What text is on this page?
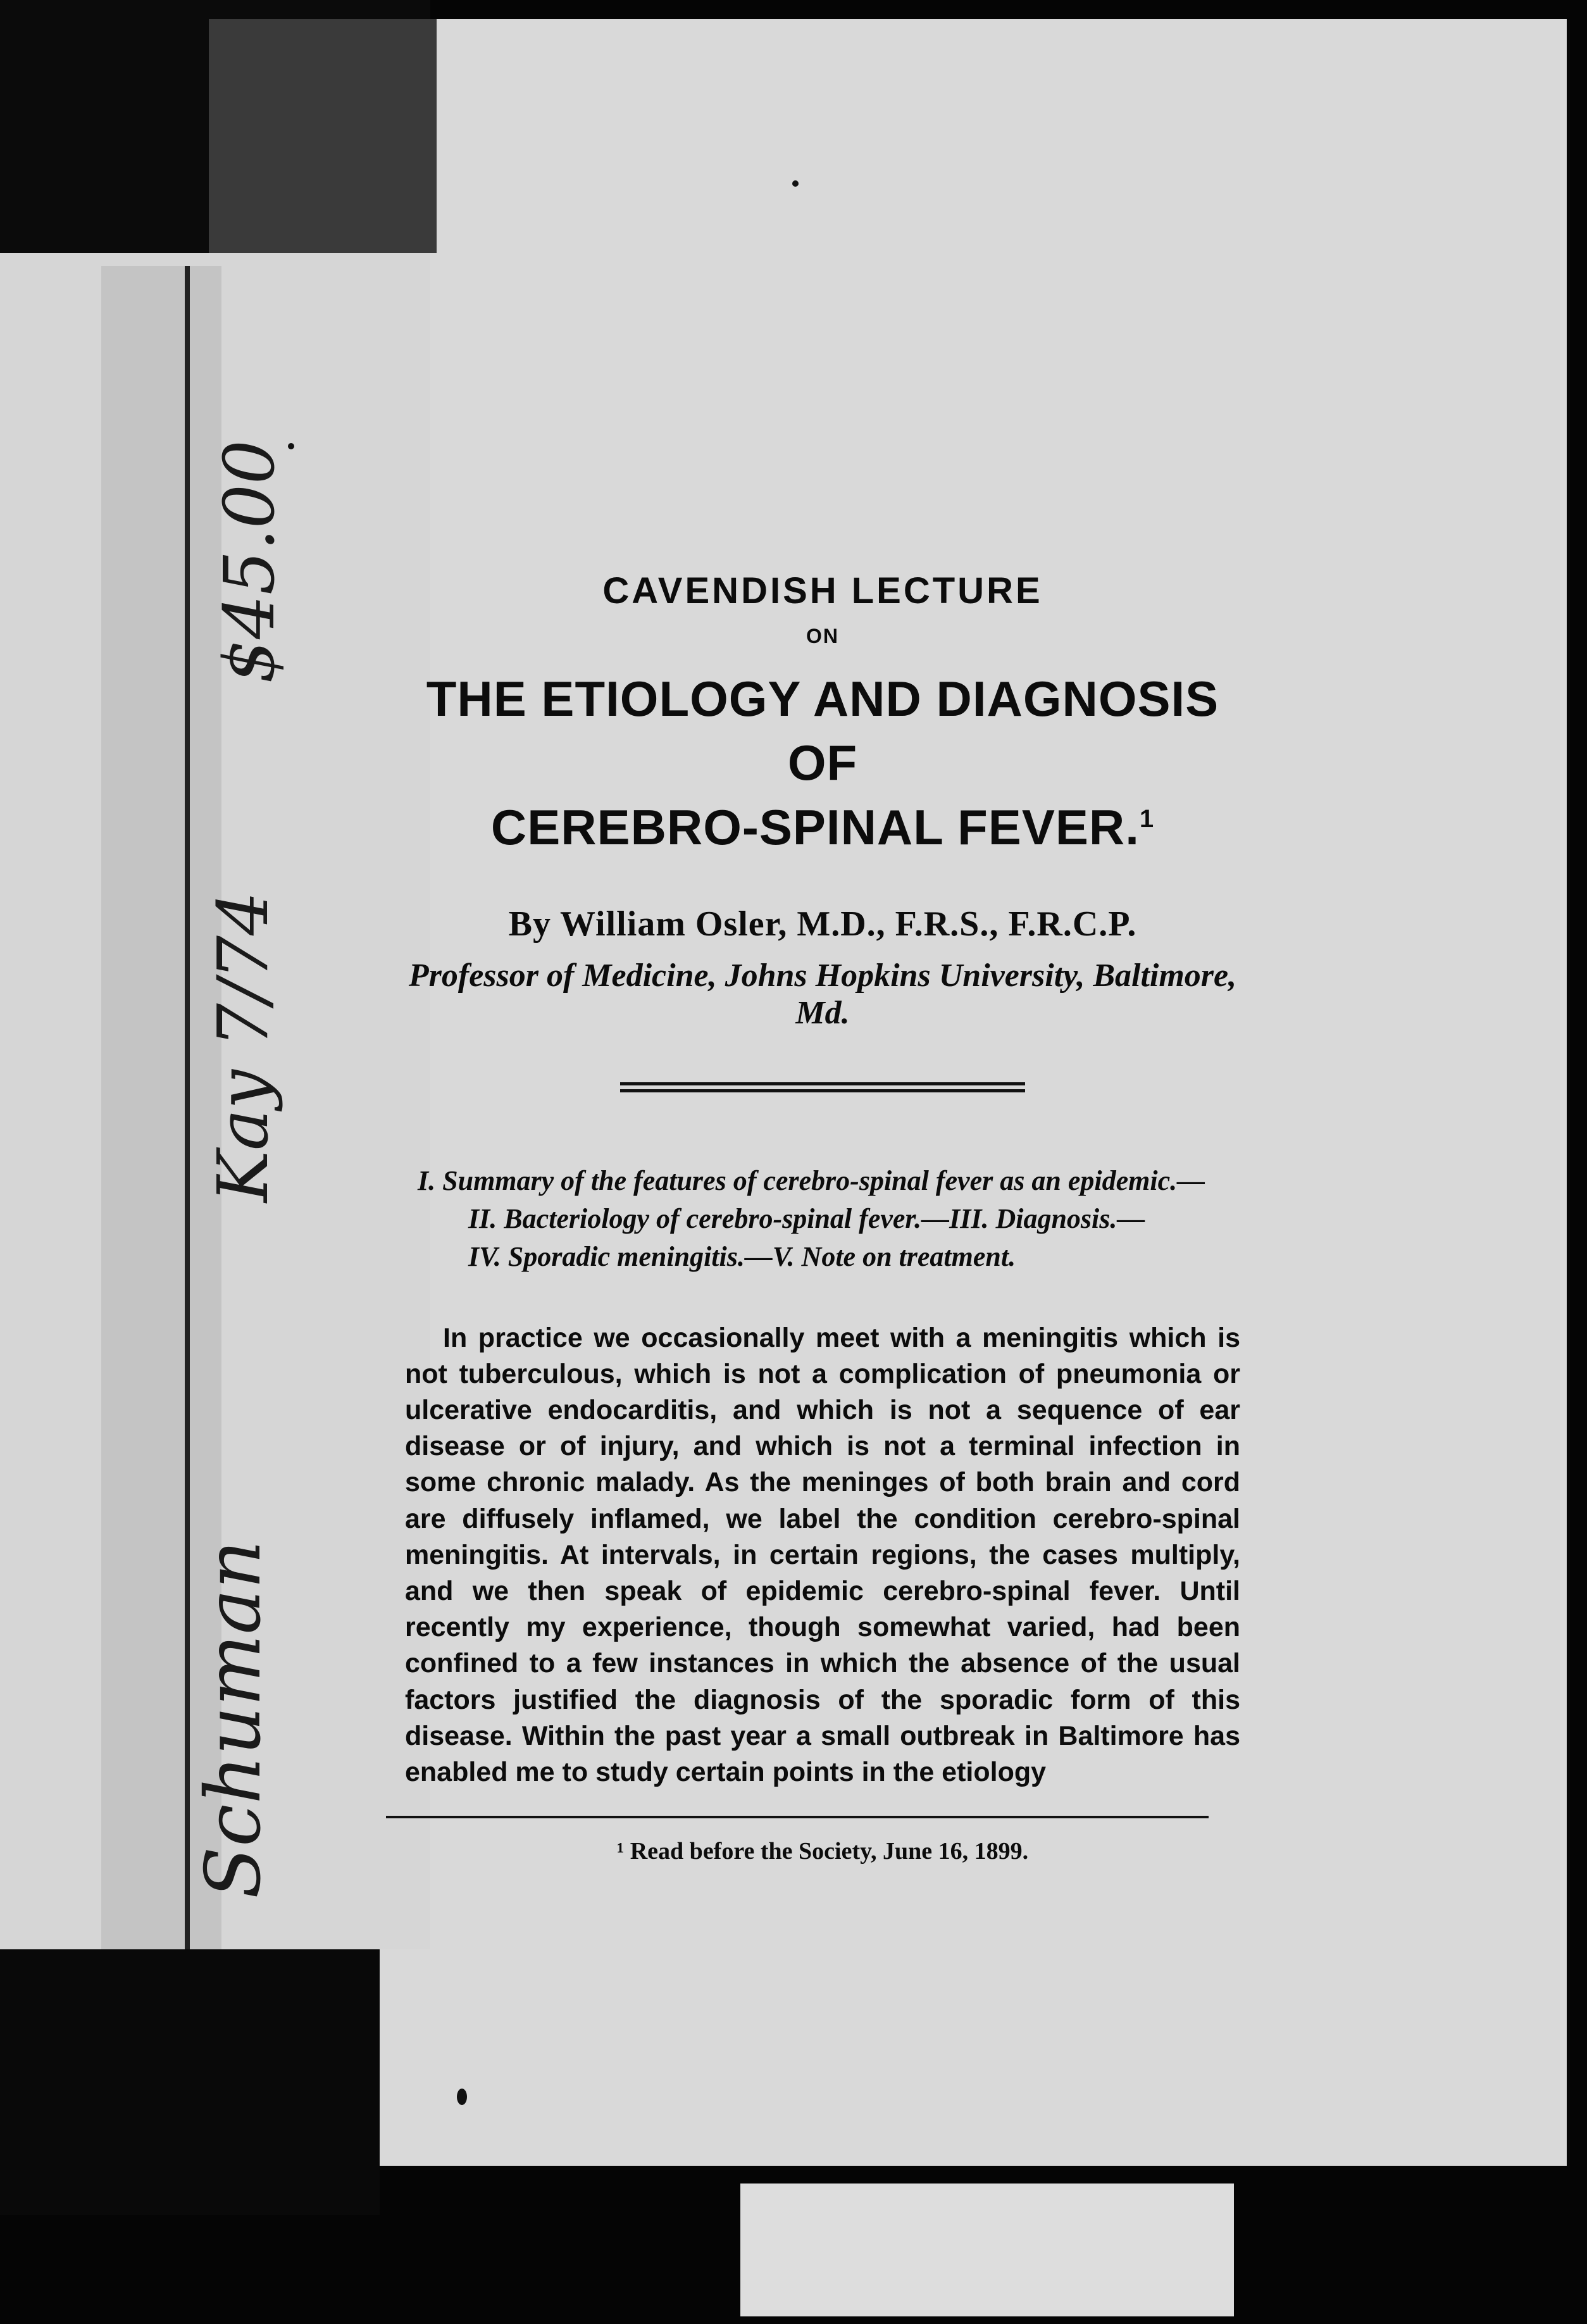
$45.00
Kay 7/74
Schuman

CAVENDISH LECTURE

ON

THE ETIOLOGY AND DIAGNOSIS OF
CEREBRO-SPINAL FEVER.$^1$

By William Osler, M.D., F.R.S., F.R.C.P.

Professor of Medicine, Johns Hopkins University, Baltimore, Md.

I. Summary of the features of cerebro-spinal fever as an epidemic.—
II. Bacteriology of cerebro-spinal fever.—III. Diagnosis.—
IV. Sporadic meningitis.—V. Note on treatment.

In practice we occasionally meet with a meningitis which is not tuberculous, which is not a complication of pneumonia or ulcerative endocarditis, and which is not a sequence of ear disease or of injury, and which is not a terminal infection in some chronic malady. As the meninges of both brain and cord are diffusely inflamed, we label the condition cerebro-spinal meningitis. At intervals, in certain regions, the cases multiply, and we then speak of epidemic cerebro-spinal fever. Until recently my experience, though somewhat varied, had been confined to a few instances in which the absence of the usual factors justified the diagnosis of the sporadic form of this disease. Within the past year a small outbreak in Baltimore has enabled me to study certain points in the etiology

¹ Read before the Society, June 16, 1899.
